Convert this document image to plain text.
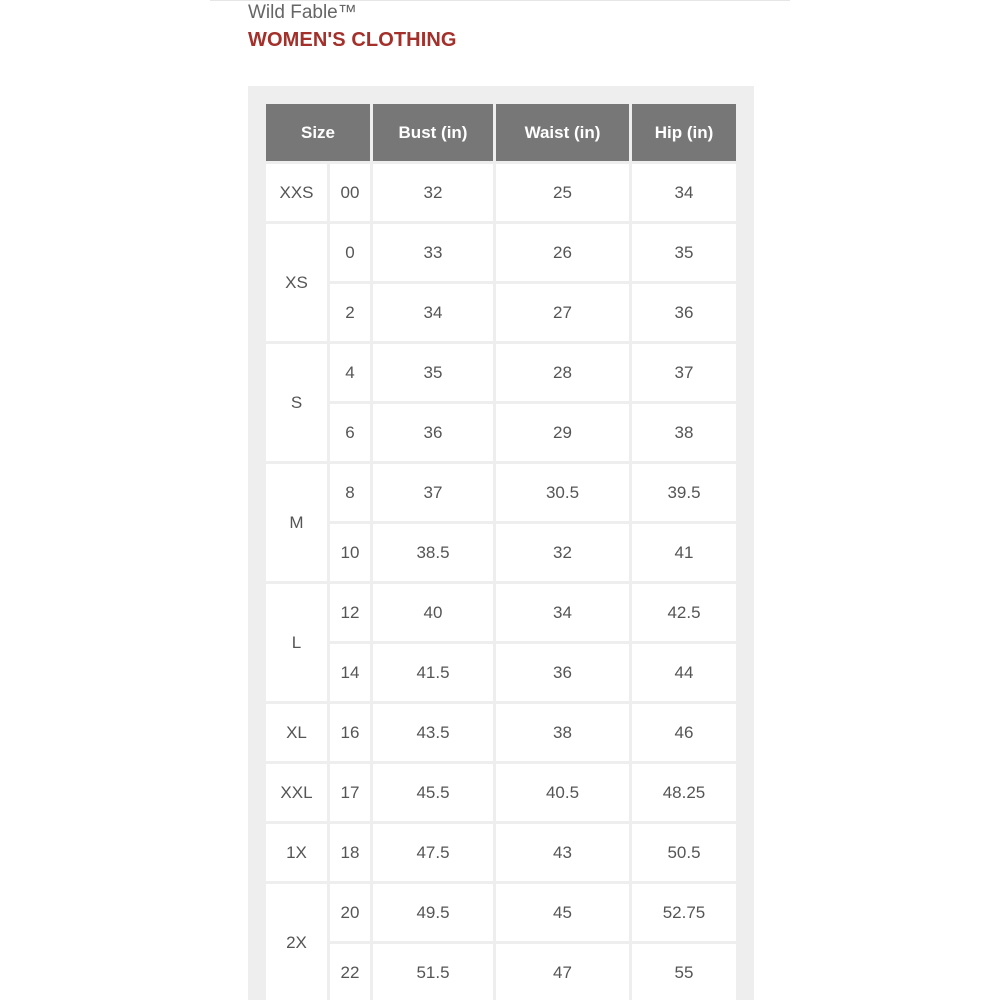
Wild Fable™
WOMEN'S CLOTHING
Size		Bust (in)	Waist (in)	Hip (in)
XXS	00	32	25	34
XS	0	33	26	35
	2	34	27	36
S	4	35	28	37
	6	36	29	38
M	8	37	30.5	39.5
	10	38.5	32	41
L	12	40	34	42.5
	14	41.5	36	44
XL	16	43.5	38	46
XXL	17	45.5	40.5	48.25
1X	18	47.5	43	50.5
2X	20	49.5	45	52.75
	22	51.5	47	55
